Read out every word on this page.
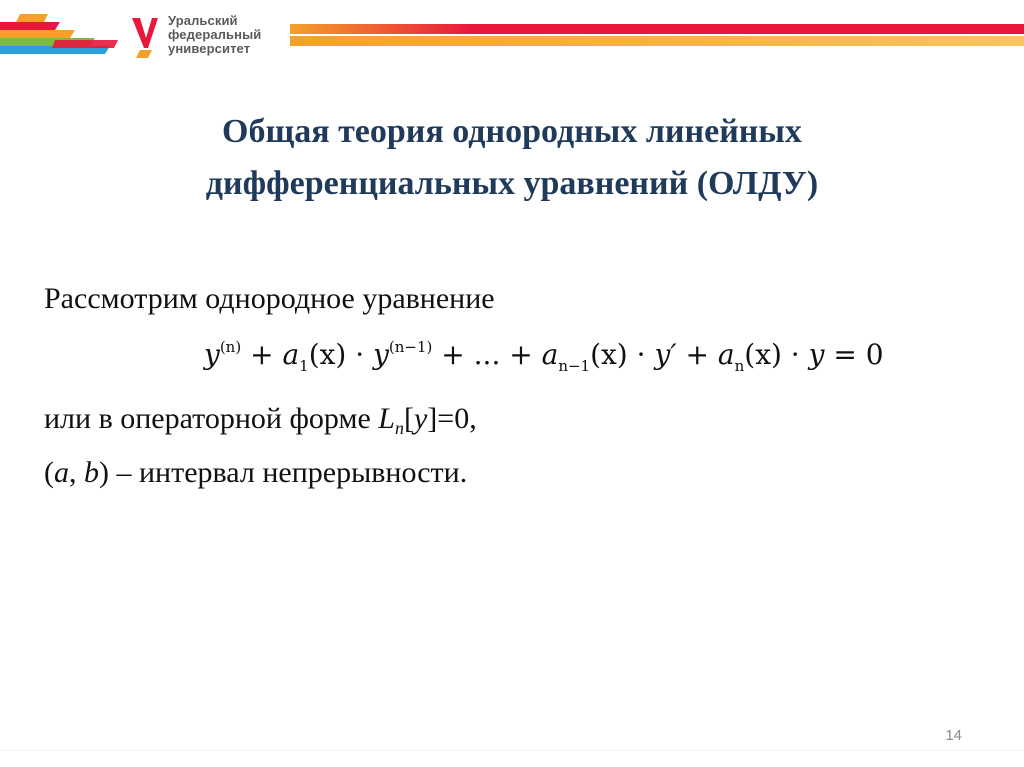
Уральский
федеральный
университет
Общая теория однородных линейных
дифференциальных уравнений (ОЛДУ)
Рассмотрим однородное уравнение
$y^{(n)} + a_1(x) \cdot y^{(n-1)}$ + ... + $a_{n-1}(x) \cdot y' + a_n(x) \cdot y = 0$
или в операторной форме $L_n[y]=0$,
(a, b) – интервал непрерывности.
14
